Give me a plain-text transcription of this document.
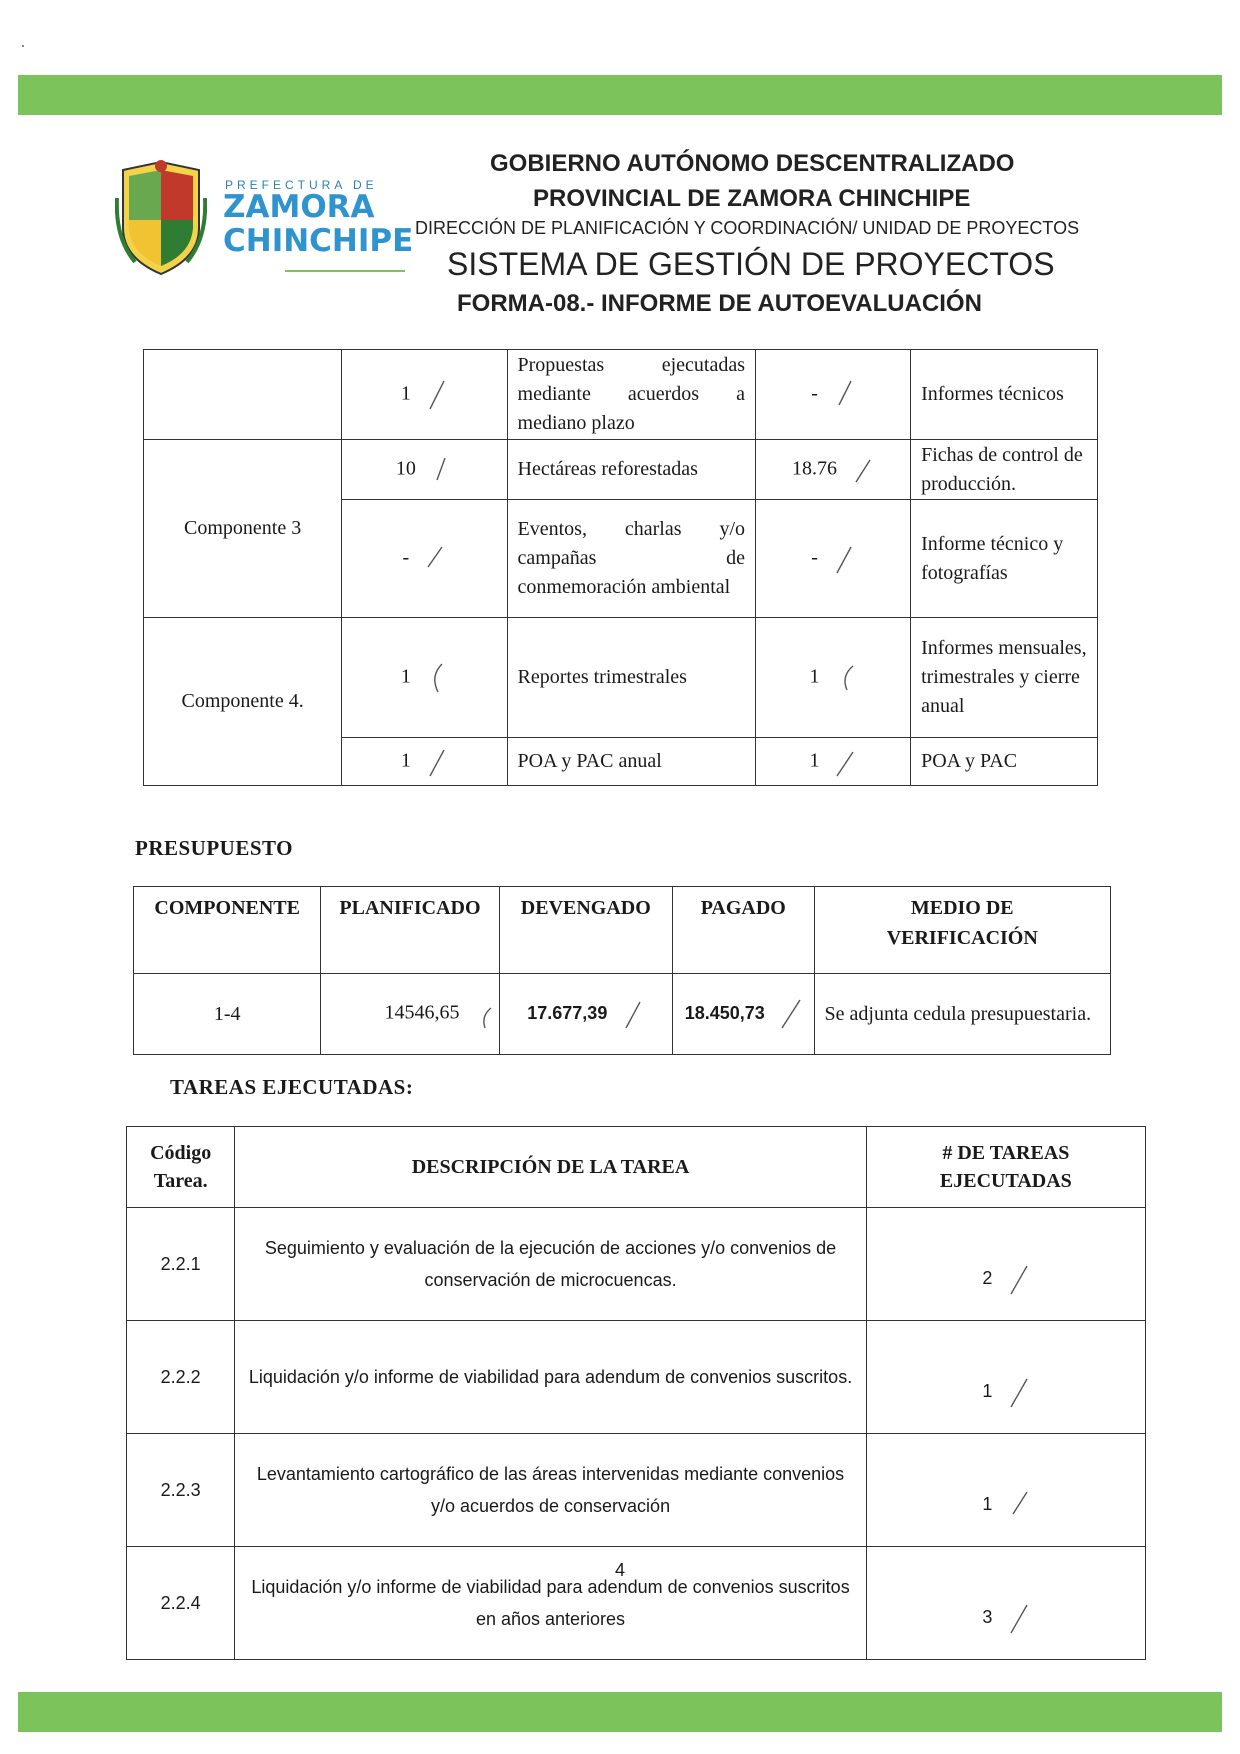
PREFECTURA DE
ZAMORA
CHINCHIPE
GOBIERNO AUTÓNOMO DESCENTRALIZADO
PROVINCIAL DE ZAMORA CHINCHIPE
DIRECCIÓN DE PLANIFICACIÓN Y COORDINACIÓN/ UNIDAD DE PROYECTOS
SISTEMA DE GESTIÓN DE PROYECTOS
FORMA-08.- INFORME DE AUTOEVALUACIÓN
	1	Propuestas ejecutadas mediante acuerdos a mediano plazo	-	Informes técnicos
Componente 3	10	Hectáreas reforestadas	18.76	Fichas de control de producción.
	-	Eventos, charlas y/o campañas de conmemoración ambiental	-	Informe técnico y fotografías
Componente 4.	1	Reportes trimestrales	1	Informes mensuales, trimestrales y cierre anual
	1	POA y PAC anual	1	POA y PAC
PRESUPUESTO
COMPONENTE	PLANIFICADO	DEVENGADO	PAGADO	MEDIO DE VERIFICACIÓN
1-4	14546,65	17.677,39	18.450,73	Se adjunta cedula presupuestaria.
TAREAS EJECUTADAS:
Código Tarea.	DESCRIPCIÓN DE LA TAREA	# DE TAREAS EJECUTADAS
2.2.1	Seguimiento y evaluación de la ejecución de acciones y/o convenios de conservación de microcuencas.	2
2.2.2	Liquidación y/o informe de viabilidad para adendum de convenios suscritos.	1
2.2.3	Levantamiento cartográfico de las áreas intervenidas mediante convenios y/o acuerdos de conservación	1
2.2.4	Liquidación y/o informe de viabilidad para adendum de convenios suscritos en años anteriores	3
4
